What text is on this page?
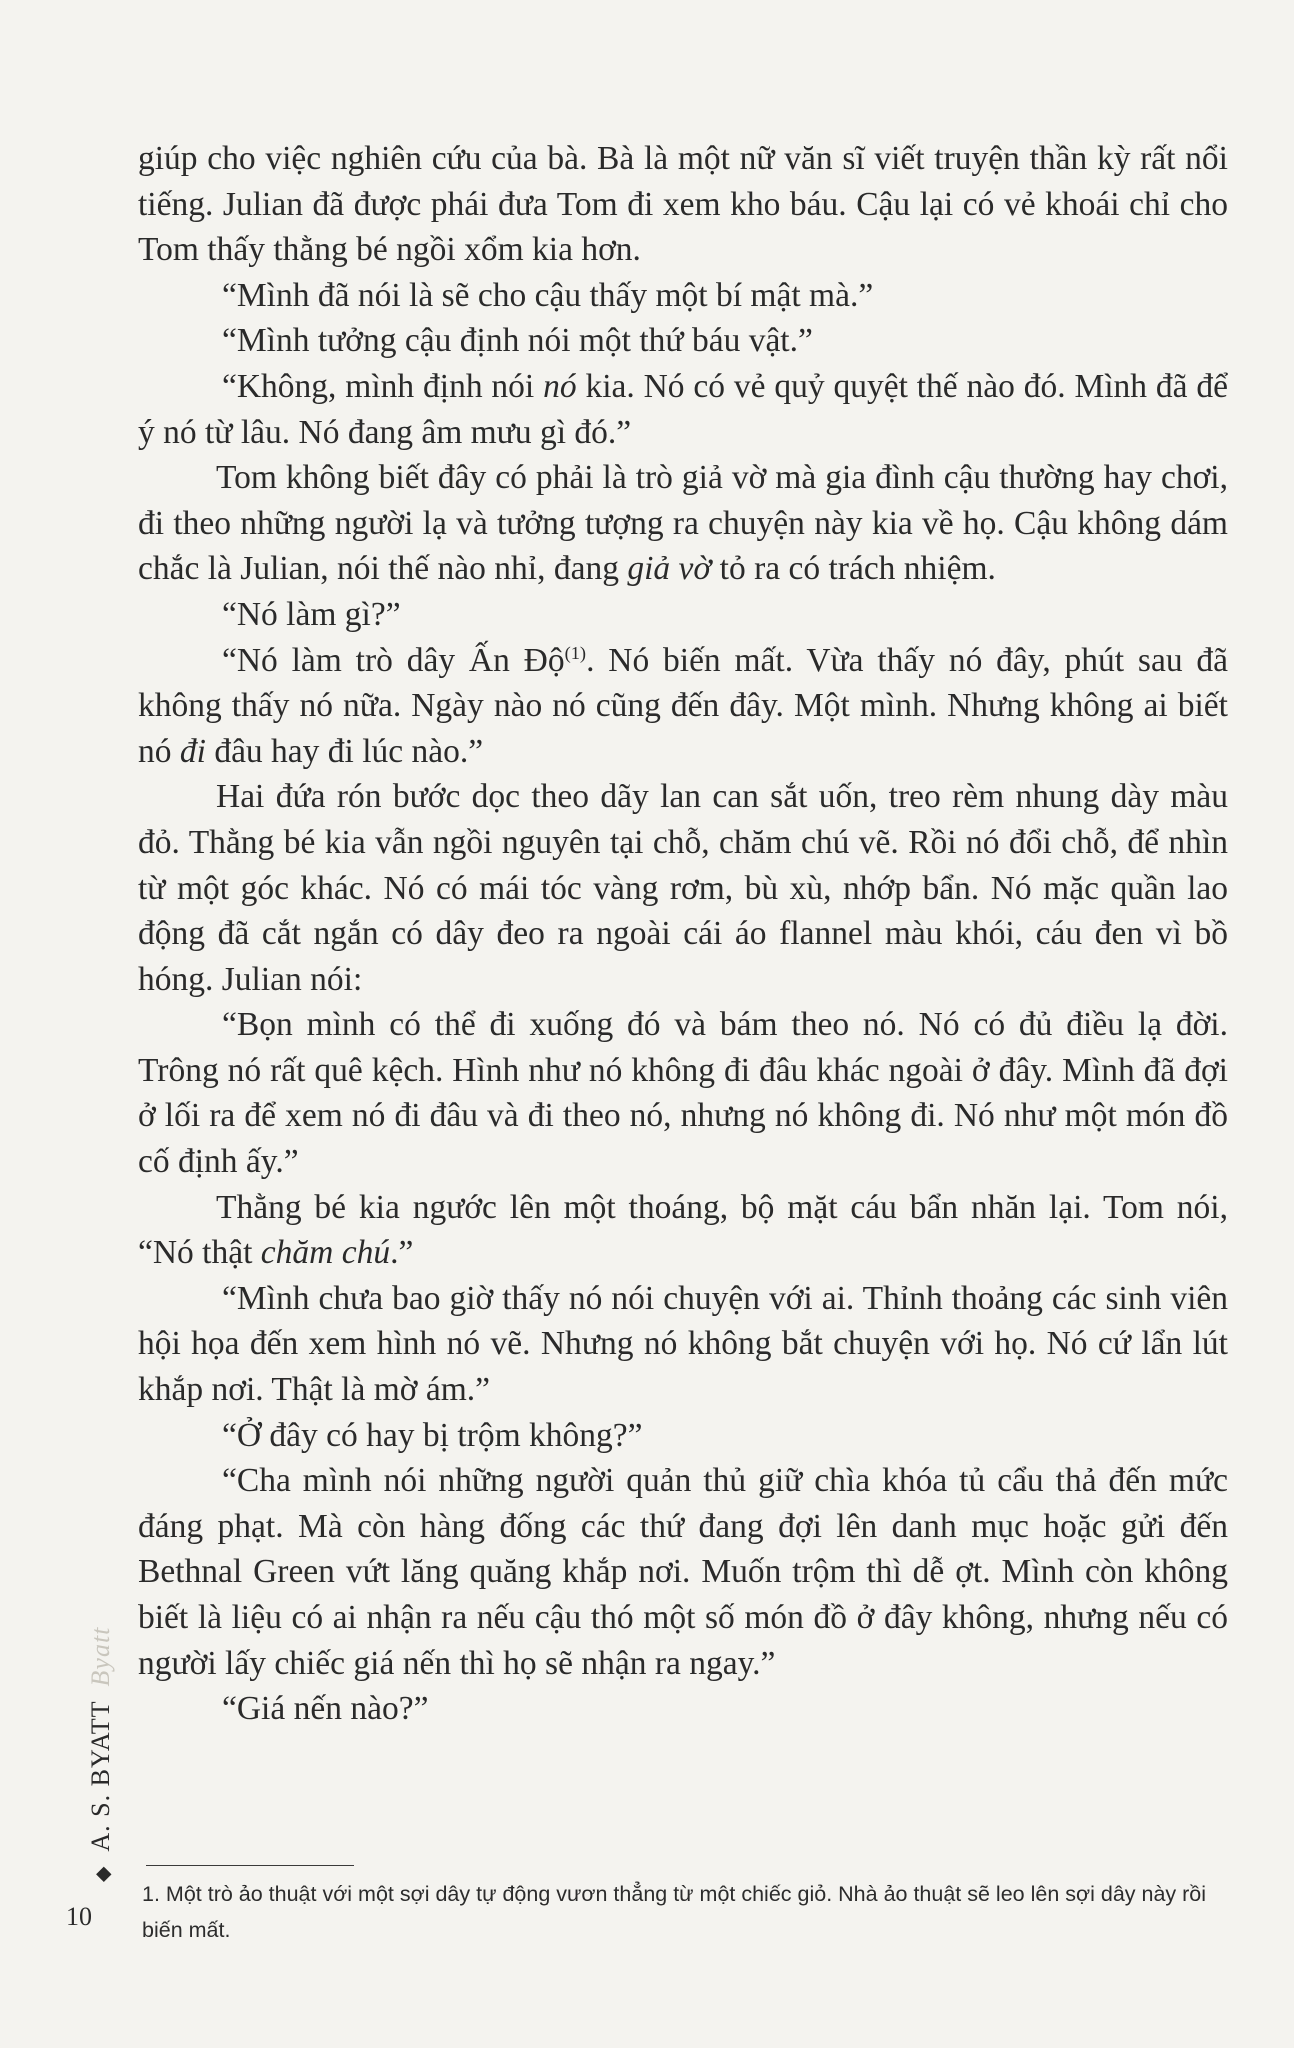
giúp cho việc nghiên cứu của bà. Bà là một nữ văn sĩ viết truyện thần kỳ rất nổi tiếng. Julian đã được phái đưa Tom đi xem kho báu. Cậu lại có vẻ khoái chỉ cho Tom thấy thằng bé ngồi xổm kia hơn.

“Mình đã nói là sẽ cho cậu thấy một bí mật mà.”

“Mình tưởng cậu định nói một thứ báu vật.”

“Không, mình định nói nó kia. Nó có vẻ quỷ quyệt thế nào đó. Mình đã để ý nó từ lâu. Nó đang âm mưu gì đó.”

Tom không biết đây có phải là trò giả vờ mà gia đình cậu thường hay chơi, đi theo những người lạ và tưởng tượng ra chuyện này kia về họ. Cậu không dám chắc là Julian, nói thế nào nhỉ, đang giả vờ tỏ ra có trách nhiệm.

“Nó làm gì?”

“Nó làm trò dây Ấn Độ$^{(1)}$. Nó biến mất. Vừa thấy nó đây, phút sau đã không thấy nó nữa. Ngày nào nó cũng đến đây. Một mình. Nhưng không ai biết nó đi đâu hay đi lúc nào.”

Hai đứa rón bước dọc theo dãy lan can sắt uốn, treo rèm nhung dày màu đỏ. Thằng bé kia vẫn ngồi nguyên tại chỗ, chăm chú vẽ. Rồi nó đổi chỗ, để nhìn từ một góc khác. Nó có mái tóc vàng rơm, bù xù, nhớp bẩn. Nó mặc quần lao động đã cắt ngắn có dây đeo ra ngoài cái áo flannel màu khói, cáu đen vì bồ hóng. Julian nói:

“Bọn mình có thể đi xuống đó và bám theo nó. Nó có đủ điều lạ đời. Trông nó rất quê kệch. Hình như nó không đi đâu khác ngoài ở đây. Mình đã đợi ở lối ra để xem nó đi đâu và đi theo nó, nhưng nó không đi. Nó như một món đồ cố định ấy.”

Thằng bé kia ngước lên một thoáng, bộ mặt cáu bẩn nhăn lại. Tom nói, “Nó thật chăm chú.”

“Mình chưa bao giờ thấy nó nói chuyện với ai. Thỉnh thoảng các sinh viên hội họa đến xem hình nó vẽ. Nhưng nó không bắt chuyện với họ. Nó cứ lẩn lút khắp nơi. Thật là mờ ám.”

“Ở đây có hay bị trộm không?”

“Cha mình nói những người quản thủ giữ chìa khóa tủ cẩu thả đến mức đáng phạt. Mà còn hàng đống các thứ đang đợi lên danh mục hoặc gửi đến Bethnal Green vứt lăng quăng khắp nơi. Muốn trộm thì dễ ợt. Mình còn không biết là liệu có ai nhận ra nếu cậu thó một số món đồ ở đây không, nhưng nếu có người lấy chiếc giá nến thì họ sẽ nhận ra ngay.”

“Giá nến nào?”

1. Một trò ảo thuật với một sợi dây tự động vươn thẳng từ một chiếc giỏ. Nhà ảo thuật sẽ leo lên sợi dây này rồi biến mất.
◆A. S. BYATTByatt
10
